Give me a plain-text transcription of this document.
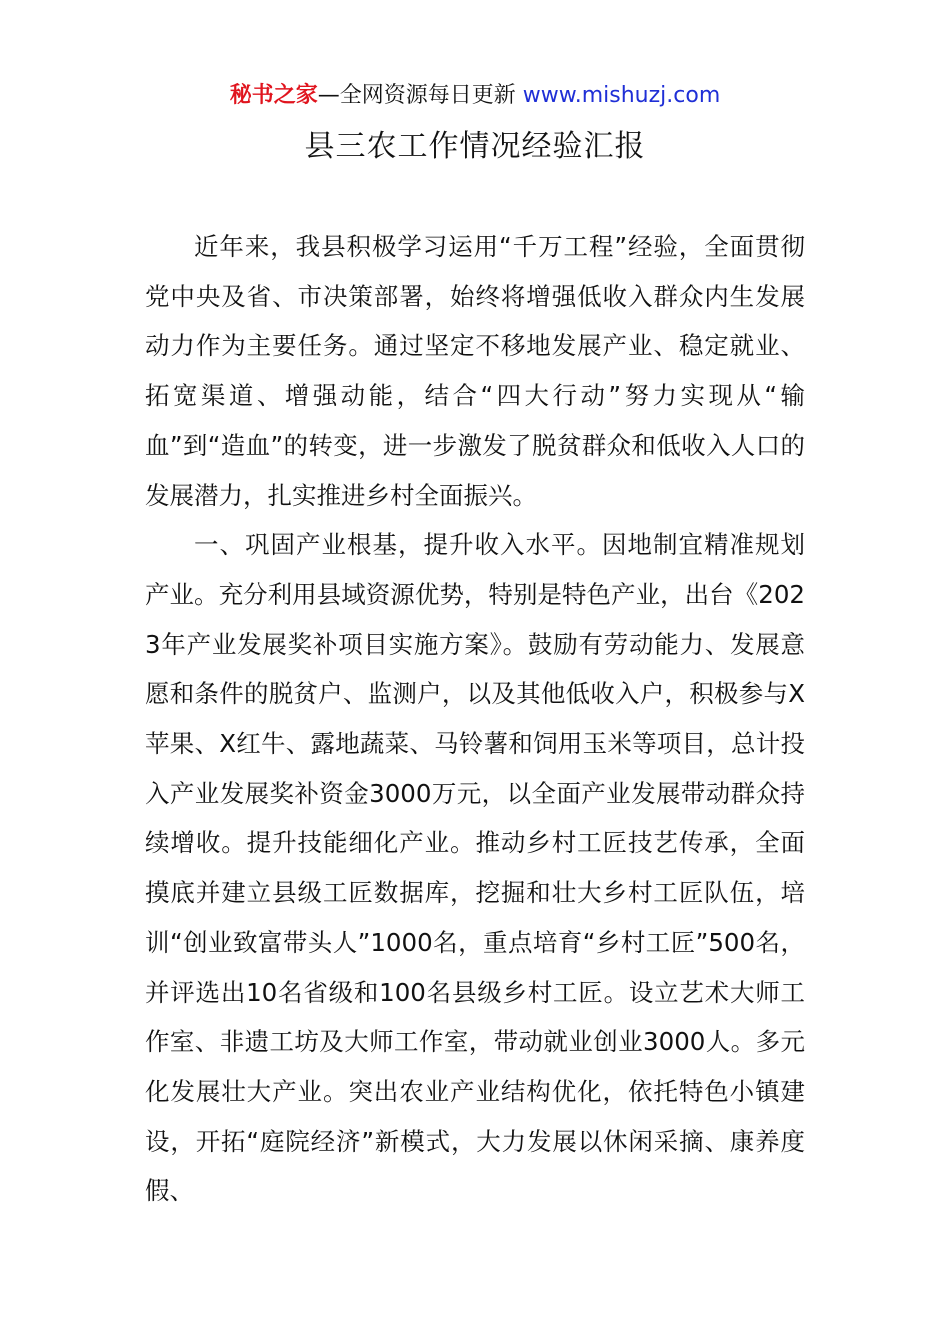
秘书之家—全网资源每日更新 www.mishuzj.com
县三农工作情况经验汇报

近年来，我县积极学习运用“千万工程”经验，全面贯彻党中央及省、市决策部署，始终将增强低收入群众内生发展动力作为主要任务。通过坚定不移地发展产业、稳定就业、拓宽渠道、增强动能，结合“四大行动”努力实现从“输血”到“造血”的转变，进一步激发了脱贫群众和低收入人口的发展潜力，扎实推进乡村全面振兴。

一、巩固产业根基，提升收入水平。因地制宜精准规划产业。充分利用县域资源优势，特别是特色产业，出台《2023年产业发展奖补项目实施方案》。鼓励有劳动能力、发展意愿和条件的脱贫户、监测户，以及其他低收入户，积极参与X苹果、X红牛、露地蔬菜、马铃薯和饲用玉米等项目，总计投入产业发展奖补资金3000万元，以全面产业发展带动群众持续增收。提升技能细化产业。推动乡村工匠技艺传承，全面摸底并建立县级工匠数据库，挖掘和壮大乡村工匠队伍，培训“创业致富带头人”1000名，重点培育“乡村工匠”500名，并评选出10名省级和100名县级乡村工匠。设立艺术大师工作室、非遗工坊及大师工作室，带动就业创业3000人。多元化发展壮大产业。突出农业产业结构优化，依托特色小镇建设，开拓“庭院经济”新模式，大力发展以休闲采摘、康养度假、
